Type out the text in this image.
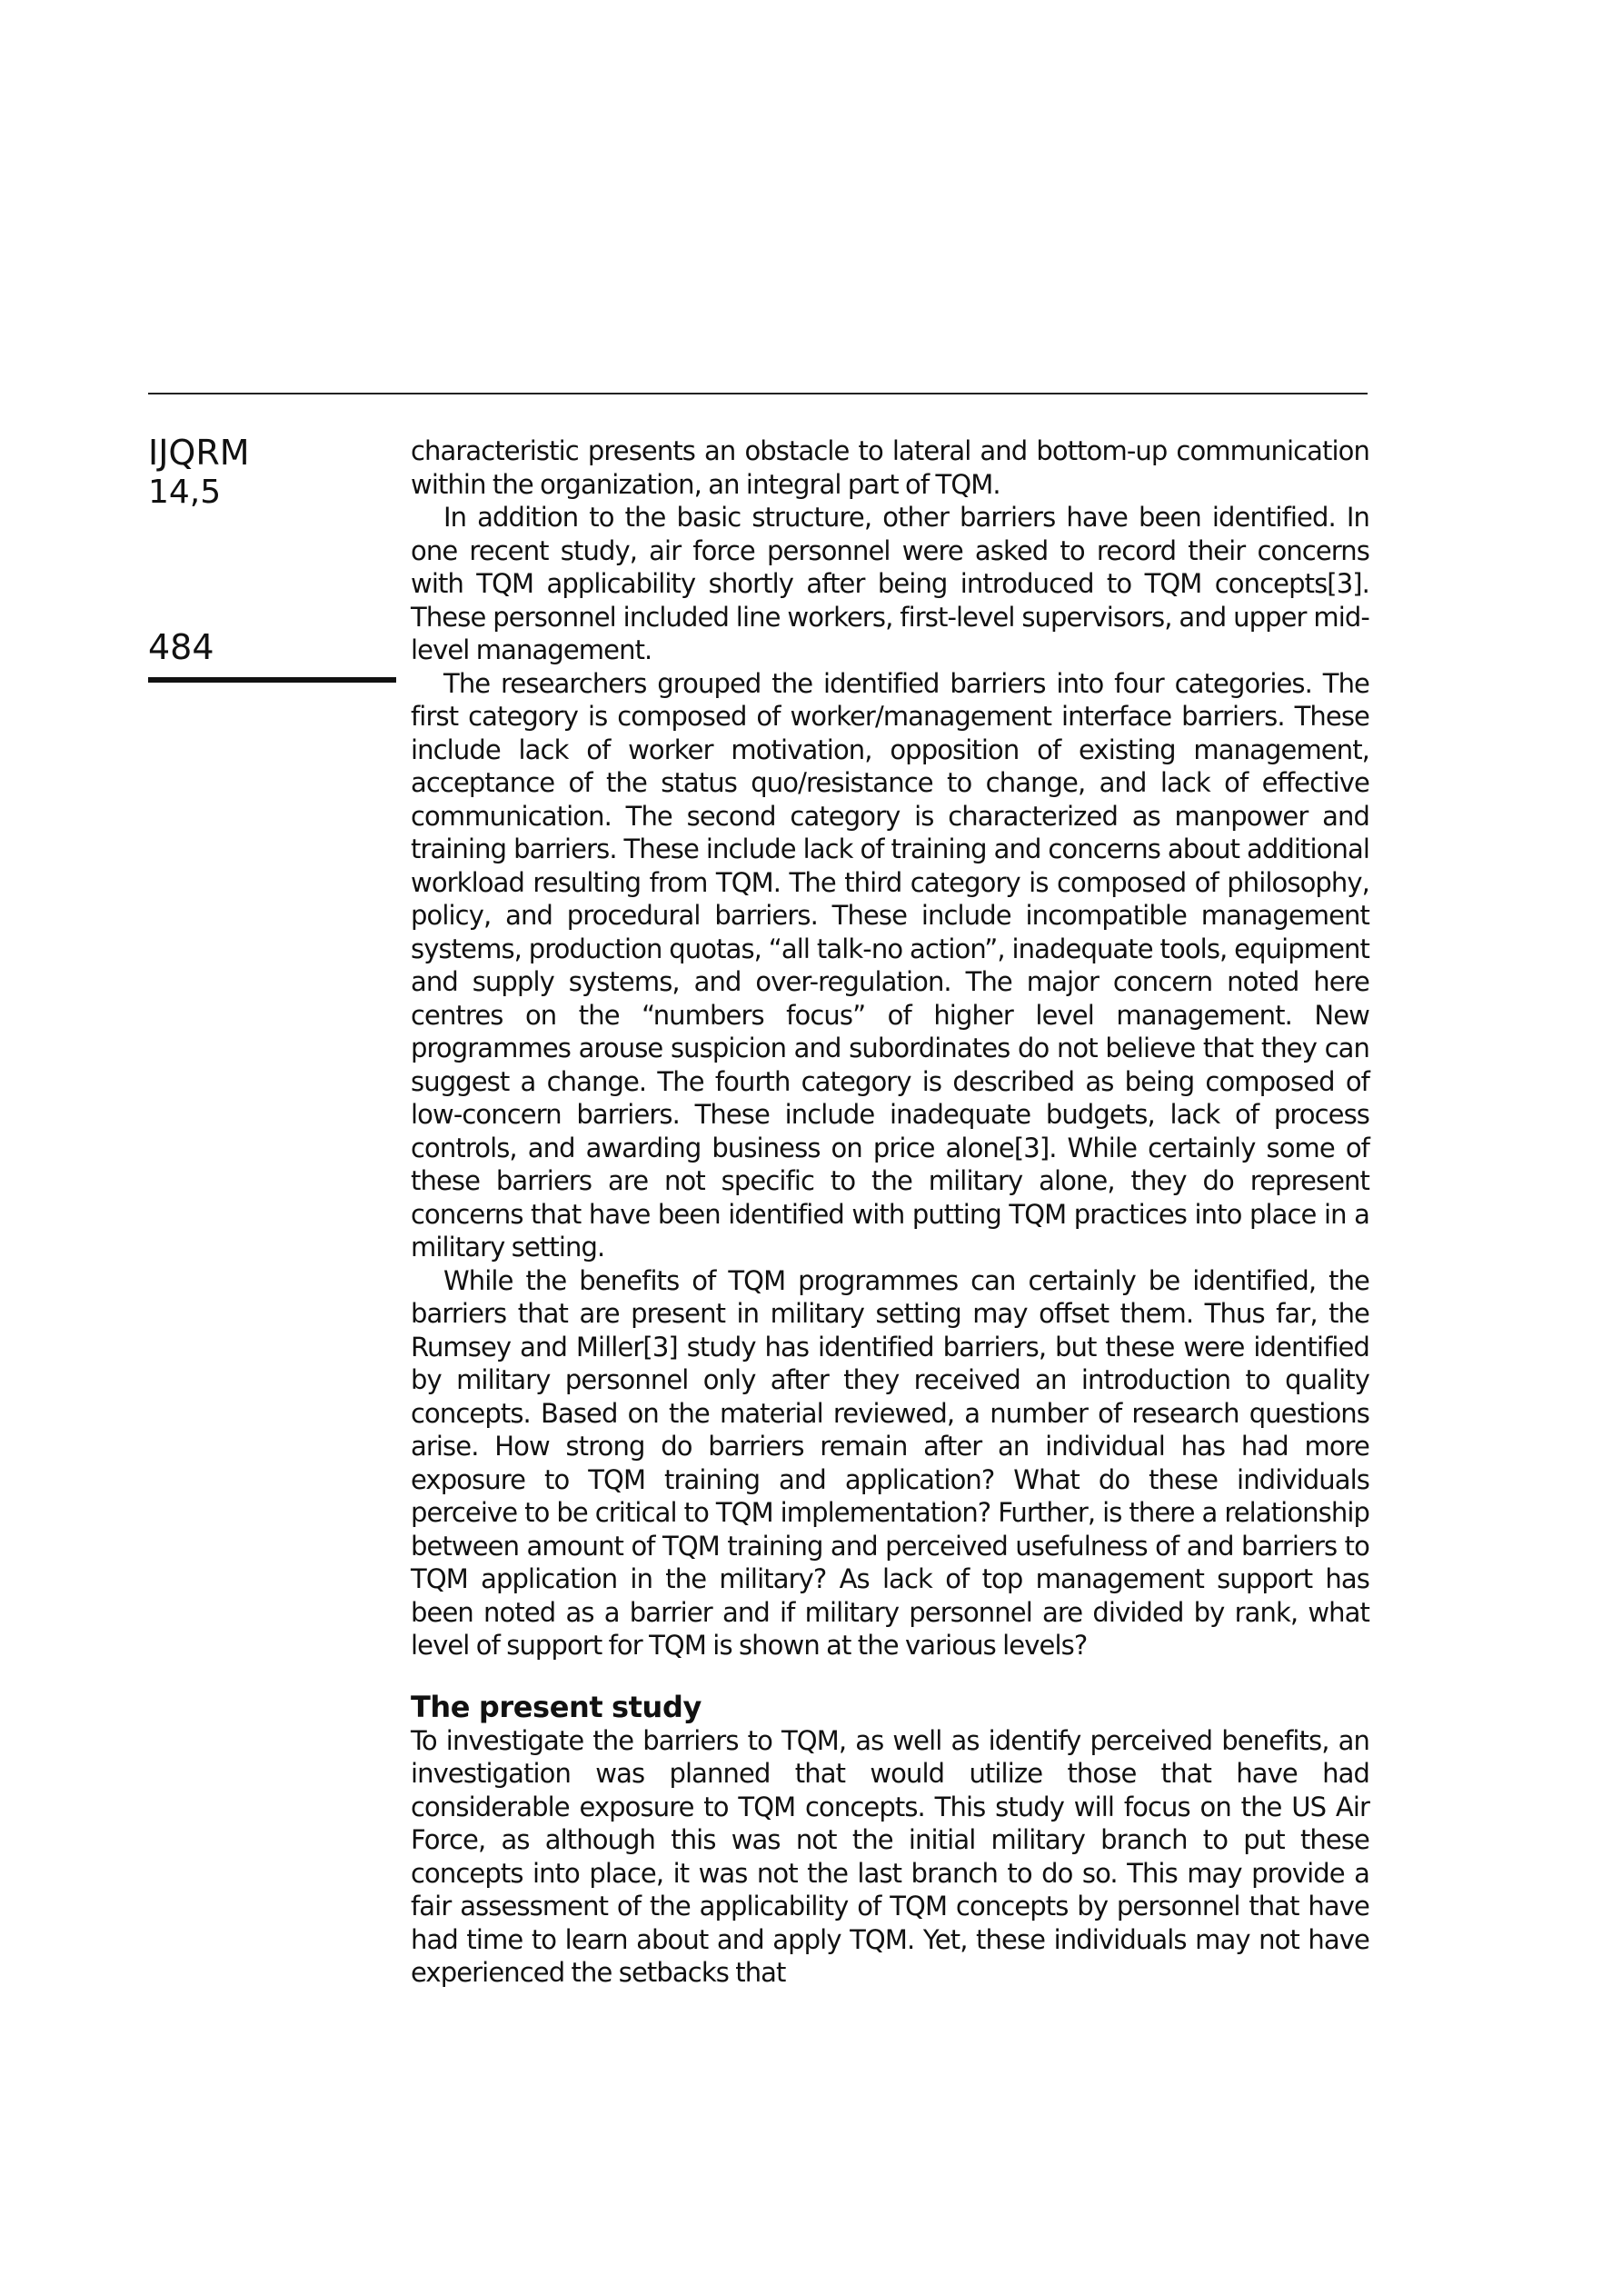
IJQRM
14,5
484

characteristic presents an obstacle to lateral and bottom-up communication within the organization, an integral part of TQM.

In addition to the basic structure, other barriers have been identified. In one recent study, air force personnel were asked to record their concerns with TQM applicability shortly after being introduced to TQM concepts[3]. These personnel included line workers, first-level supervisors, and upper mid-level management.

The researchers grouped the identified barriers into four categories. The first category is composed of worker/management interface barriers. These include lack of worker motivation, opposition of existing management, acceptance of the status quo/resistance to change, and lack of effective communication. The second category is characterized as manpower and training barriers. These include lack of training and concerns about additional workload resulting from TQM. The third category is composed of philosophy, policy, and procedural barriers. These include incompatible management systems, production quotas, “all talk-no action”, inadequate tools, equipment and supply systems, and over-regulation. The major concern noted here centres on the “numbers focus” of higher level management. New programmes arouse suspicion and subordinates do not believe that they can suggest a change. The fourth category is described as being composed of low-concern barriers. These include inadequate budgets, lack of process controls, and awarding business on price alone[3]. While certainly some of these barriers are not specific to the military alone, they do represent concerns that have been identified with putting TQM practices into place in a military setting.

While the benefits of TQM programmes can certainly be identified, the barriers that are present in military setting may offset them. Thus far, the Rumsey and Miller[3] study has identified barriers, but these were identified by military personnel only after they received an introduction to quality concepts. Based on the material reviewed, a number of research questions arise. How strong do barriers remain after an individual has had more exposure to TQM training and application? What do these individuals perceive to be critical to TQM implementation? Further, is there a relationship between amount of TQM training and perceived usefulness of and barriers to TQM application in the military? As lack of top management support has been noted as a barrier and if military personnel are divided by rank, what level of support for TQM is shown at the various levels?

The present study

To investigate the barriers to TQM, as well as identify perceived benefits, an investigation was planned that would utilize those that have had considerable exposure to TQM concepts. This study will focus on the US Air Force, as although this was not the initial military branch to put these concepts into place, it was not the last branch to do so. This may provide a fair assessment of the applicability of TQM concepts by personnel that have had time to learn about and apply TQM. Yet, these individuals may not have experienced the setbacks that
